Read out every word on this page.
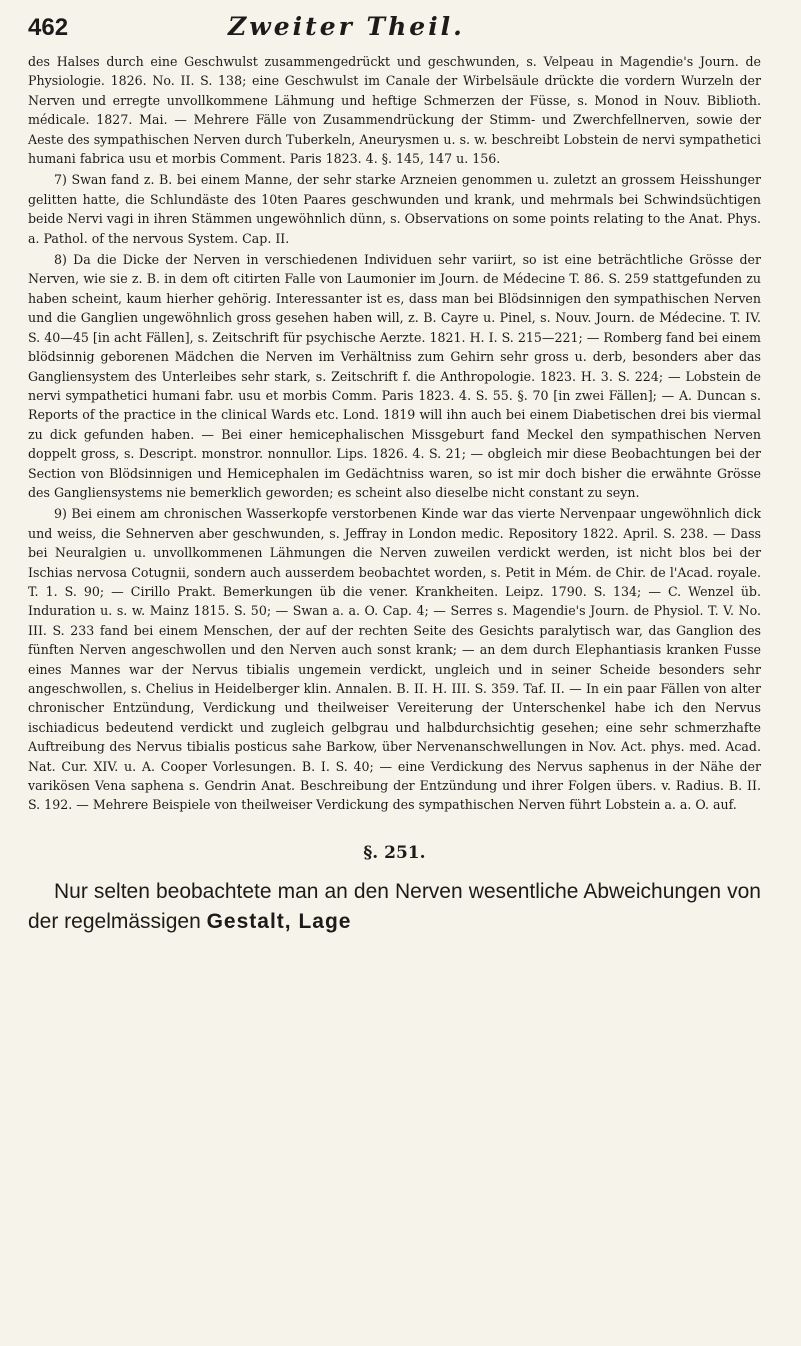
462	Zweiter Theil.

des Halses durch eine Geschwulst zusammengedrückt und geschwunden, s. Velpeau in Magendie's Journ. de Physiologie. 1826. No. II. S. 138; eine Geschwulst im Canale der Wirbelsäule drückte die vordern Wurzeln der Nerven und erregte unvollkommene Lähmung und heftige Schmerzen der Füsse, s. Monod in Nouv. Biblioth. médicale. 1827. Mai. — Mehrere Fälle von Zusammendrückung der Stimm- und Zwerchfellnerven, sowie der Aeste des sympathischen Nerven durch Tuberkeln, Aneurysmen u. s. w. beschreibt Lobstein de nervi sympathetici humani fabrica usu et morbis Comment. Paris 1823. 4. §. 145, 147 u. 156.

7) Swan fand z. B. bei einem Manne, der sehr starke Arzneien genommen u. zuletzt an grossem Heisshunger gelitten hatte, die Schlundäste des 10ten Paares geschwunden und krank, und mehrmals bei Schwindsüchtigen beide Nervi vagi in ihren Stämmen ungewöhnlich dünn, s. Observations on some points relating to the Anat. Phys. a. Pathol. of the nervous System. Cap. II.

8) Da die Dicke der Nerven in verschiedenen Individuen sehr variirt, so ist eine beträchtliche Grösse der Nerven, wie sie z. B. in dem oft citirten Falle von Laumonier im Journ. de Médecine T. 86. S. 259 stattgefunden zu haben scheint, kaum hierher gehörig. Interessanter ist es, dass man bei Blödsinnigen den sympathischen Nerven und die Ganglien ungewöhnlich gross gesehen haben will, z. B. Cayre u. Pinel, s. Nouv. Journ. de Médecine. T. IV. S. 40—45 [in acht Fällen], s. Zeitschrift für psychische Aerzte. 1821. H. I. S. 215—221; — Romberg fand bei einem blödsinnig geborenen Mädchen die Nerven im Verhältniss zum Gehirn sehr gross u. derb, besonders aber das Gangliensystem des Unterleibes sehr stark, s. Zeitschrift f. die Anthropologie. 1823. H. 3. S. 224; — Lobstein de nervi sympathetici humani fabr. usu et morbis Comm. Paris 1823. 4. S. 55. §. 70 [in zwei Fällen]; — A. Duncan s. Reports of the practice in the clinical Wards etc. Lond. 1819 will ihn auch bei einem Diabetischen drei bis viermal zu dick gefunden haben. — Bei einer hemicephalischen Missgeburt fand Meckel den sympathischen Nerven doppelt gross, s. Descript. monstror. nonnullor. Lips. 1826. 4. S. 21; — obgleich mir diese Beobachtungen bei der Section von Blödsinnigen und Hemicephalen im Gedächtniss waren, so ist mir doch bisher die erwähnte Grösse des Gangliensystems nie bemerklich geworden; es scheint also dieselbe nicht constant zu seyn.

9) Bei einem am chronischen Wasserkopfe verstorbenen Kinde war das vierte Nervenpaar ungewöhnlich dick und weiss, die Sehnerven aber geschwunden, s. Jeffray in London medic. Repository 1822. April. S. 238. — Dass bei Neuralgien u. unvollkommenen Lähmungen die Nerven zuweilen verdickt werden, ist nicht blos bei der Ischias nervosa Cotugnii, sondern auch ausserdem beobachtet worden, s. Petit in Mém. de Chir. de l'Acad. royale. T. 1. S. 90; — Cirillo Prakt. Bemerkungen üb die vener. Krankheiten. Leipz. 1790. S. 134; — C. Wenzel üb. Induration u. s. w. Mainz 1815. S. 50; — Swan a. a. O. Cap. 4; — Serres s. Magendie's Journ. de Physiol. T. V. No. III. S. 233 fand bei einem Menschen, der auf der rechten Seite des Gesichts paralytisch war, das Ganglion des fünften Nerven angeschwollen und den Nerven auch sonst krank; — an dem durch Elephantiasis kranken Fusse eines Mannes war der Nervus tibialis ungemein verdickt, ungleich und in seiner Scheide besonders sehr angeschwollen, s. Chelius in Heidelberger klin. Annalen. B. II. H. III. S. 359. Taf. II. — In ein paar Fällen von alter chronischer Entzündung, Verdickung und theilweiser Vereiterung der Unterschenkel habe ich den Nervus ischiadicus bedeutend verdickt und zugleich gelbgrau und halbdurchsichtig gesehen; eine sehr schmerzhafte Auftreibung des Nervus tibialis posticus sahe Barkow, über Nervenanschwellungen in Nov. Act. phys. med. Acad. Nat. Cur. XIV. u. A. Cooper Vorlesungen. B. I. S. 40; — eine Verdickung des Nervus saphenus in der Nähe der varikösen Vena saphena s. Gendrin Anat. Beschreibung der Entzündung und ihrer Folgen übers. v. Radius. B. II. S. 192. — Mehrere Beispiele von theilweiser Verdickung des sympathischen Nerven führt Lobstein a. a. O. auf.

§. 251.

Nur selten beobachtete man an den Nerven wesentliche Abweichungen von der regelmässigen Gestalt, Lage
